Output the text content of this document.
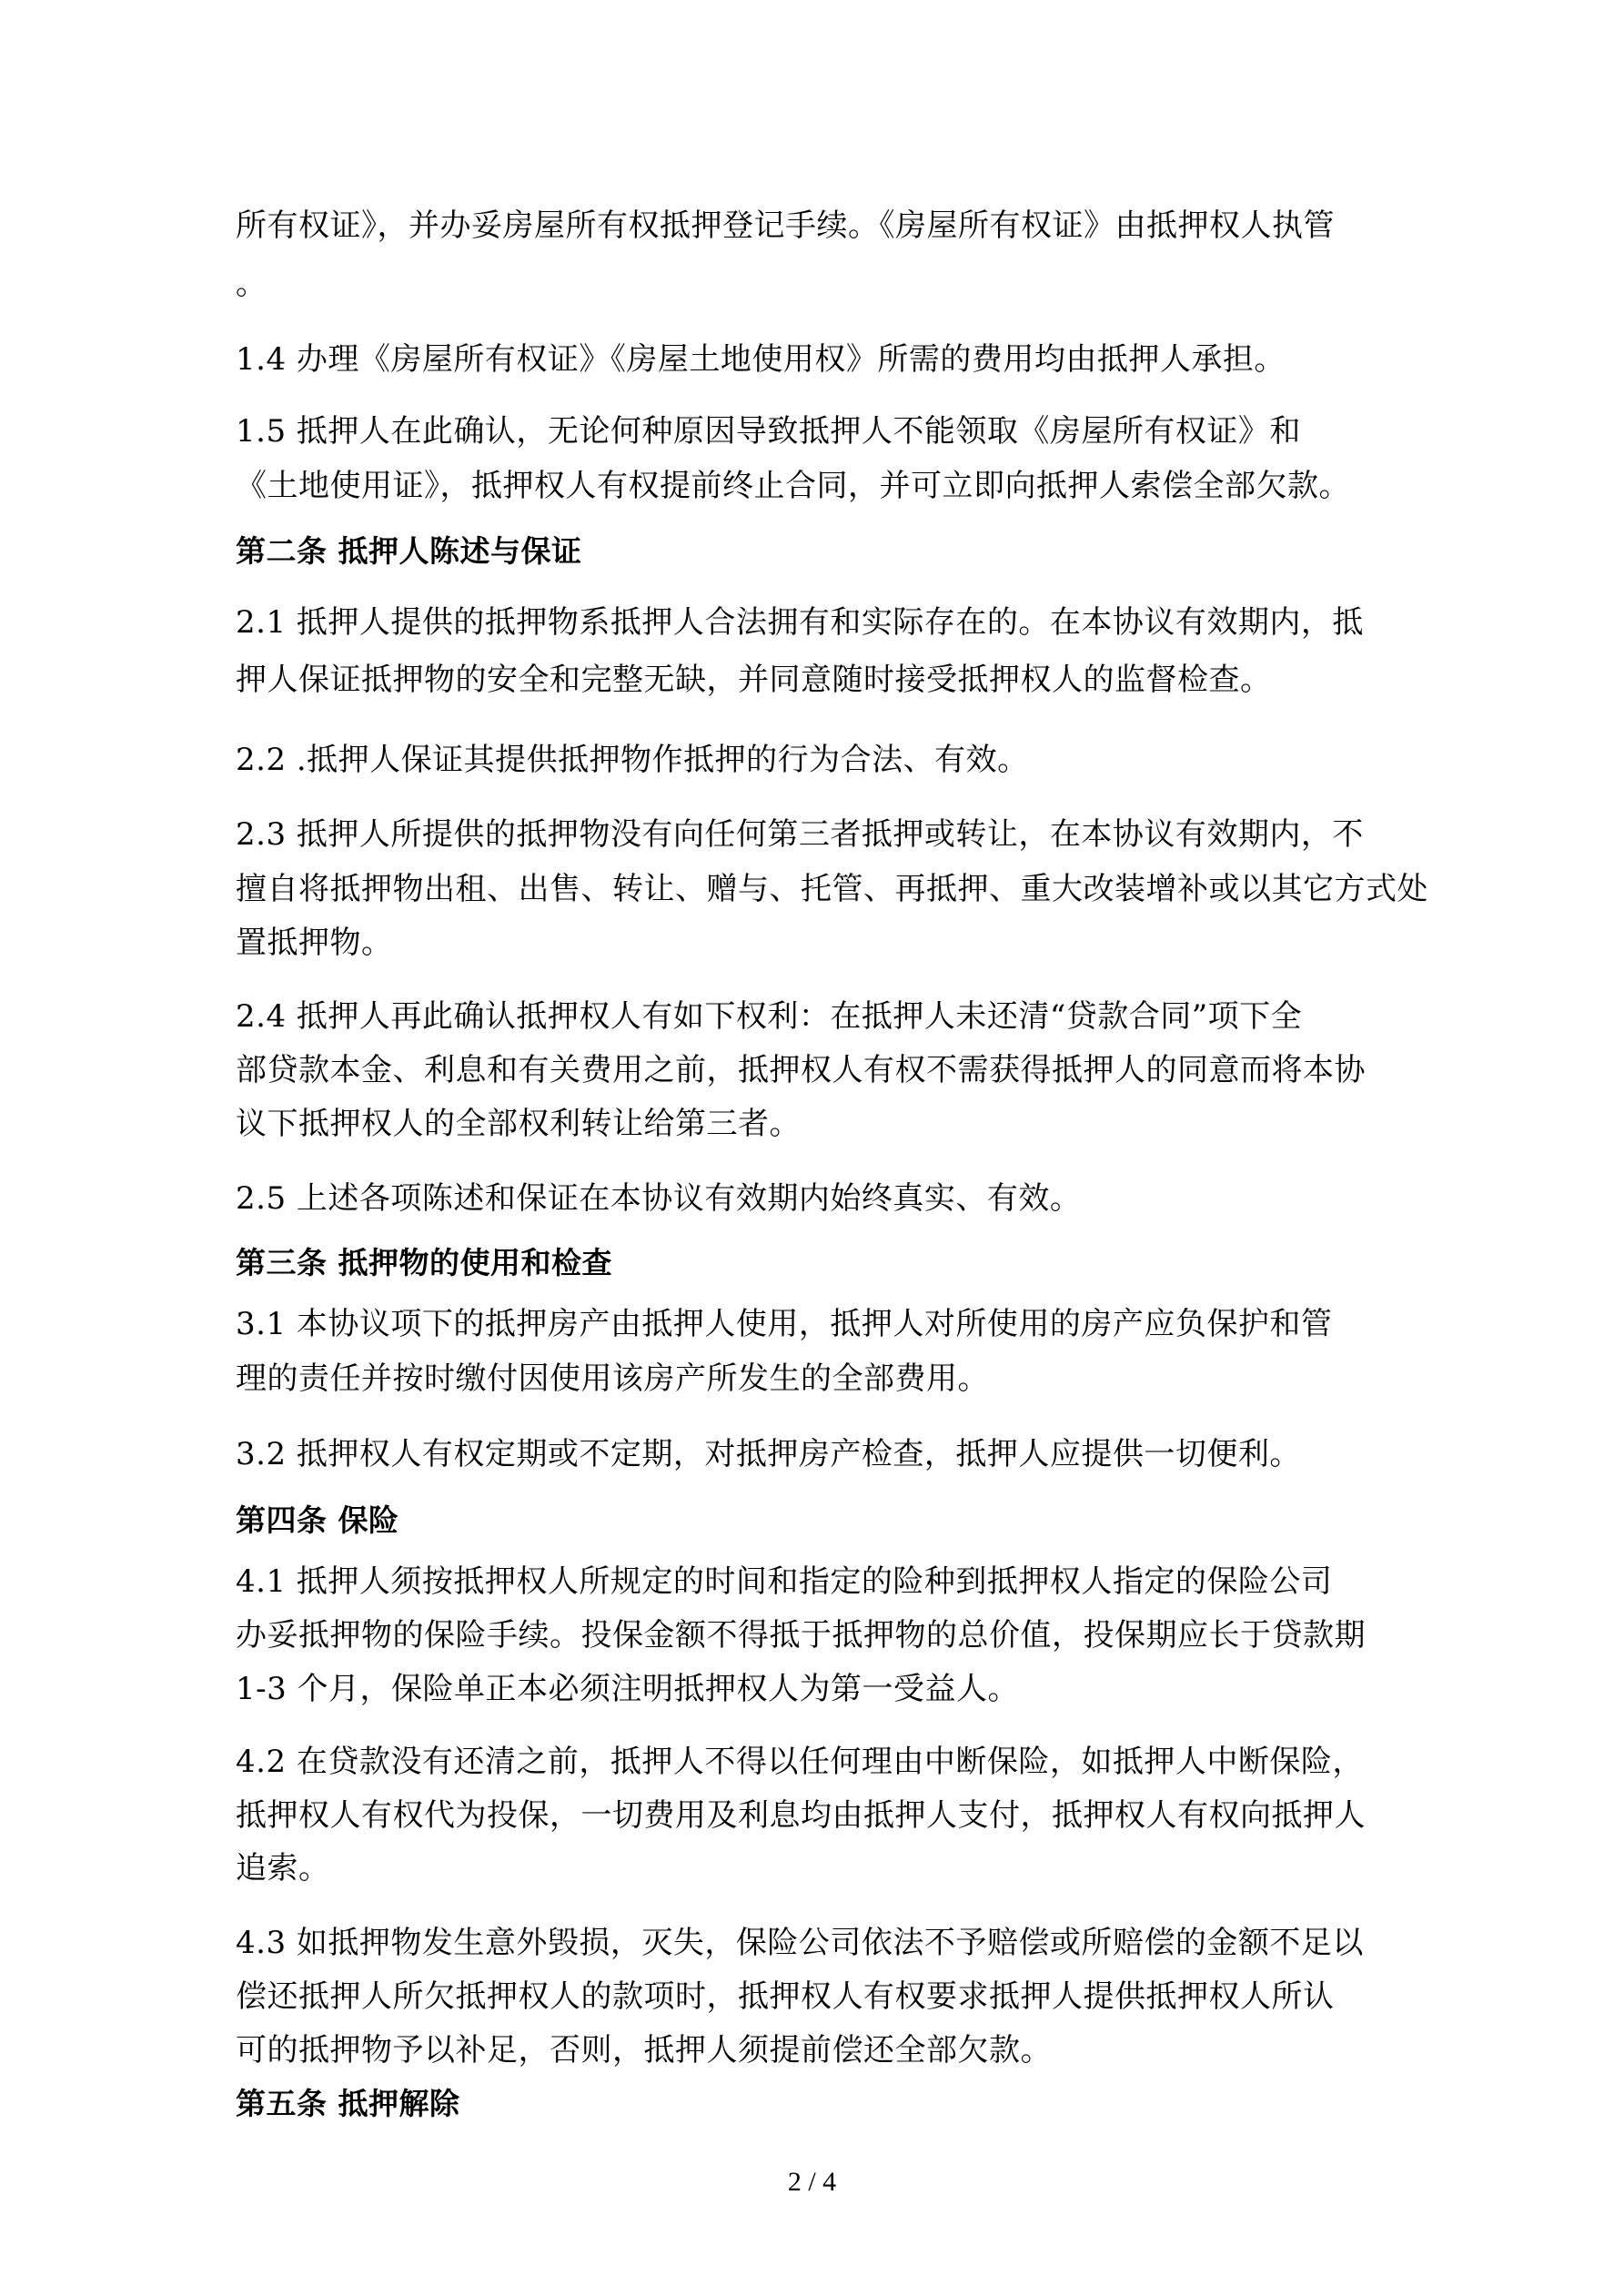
所有权证》，并办妥房屋所有权抵押登记手续。《房屋所有权证》由抵押权人执管
。
1.4 办理《房屋所有权证》《房屋土地使用权》所需的费用均由抵押人承担。
1.5 抵押人在此确认，无论何种原因导致抵押人不能领取《房屋所有权证》和
《土地使用证》，抵押权人有权提前终止合同，并可立即向抵押人索偿全部欠款。
第二条 抵押人陈述与保证
2.1 抵押人提供的抵押物系抵押人合法拥有和实际存在的。在本协议有效期内，抵
押人保证抵押物的安全和完整无缺，并同意随时接受抵押权人的监督检查。
2.2 .抵押人保证其提供抵押物作抵押的行为合法、有效。
2.3 抵押人所提供的抵押物没有向任何第三者抵押或转让，在本协议有效期内，不
擅自将抵押物出租、出售、转让、赠与、托管、再抵押、重大改装增补或以其它方式处
置抵押物。
2.4 抵押人再此确认抵押权人有如下权利：在抵押人未还清“贷款合同”项下全
部贷款本金、利息和有关费用之前，抵押权人有权不需获得抵押人的同意而将本协
议下抵押权人的全部权利转让给第三者。
2.5 上述各项陈述和保证在本协议有效期内始终真实、有效。
第三条 抵押物的使用和检查
3.1 本协议项下的抵押房产由抵押人使用，抵押人对所使用的房产应负保护和管
理的责任并按时缴付因使用该房产所发生的全部费用。
3.2 抵押权人有权定期或不定期，对抵押房产检查，抵押人应提供一切便利。
第四条 保险
4.1 抵押人须按抵押权人所规定的时间和指定的险种到抵押权人指定的保险公司
办妥抵押物的保险手续。投保金额不得抵于抵押物的总价值，投保期应长于贷款期
1-3 个月，保险单正本必须注明抵押权人为第一受益人。
4.2 在贷款没有还清之前，抵押人不得以任何理由中断保险，如抵押人中断保险，
抵押权人有权代为投保，一切费用及利息均由抵押人支付，抵押权人有权向抵押人
追索。
4.3 如抵押物发生意外毁损，灭失，保险公司依法不予赔偿或所赔偿的金额不足以
偿还抵押人所欠抵押权人的款项时，抵押权人有权要求抵押人提供抵押权人所认
可的抵押物予以补足，否则，抵押人须提前偿还全部欠款。
第五条 抵押解除
2 / 4
